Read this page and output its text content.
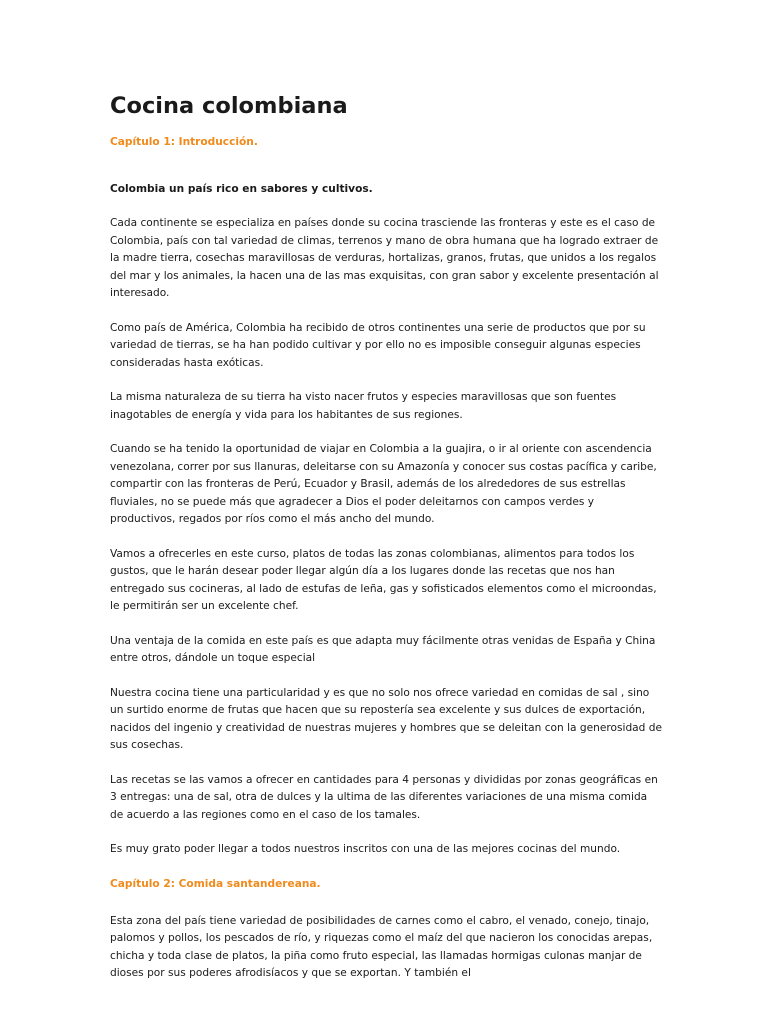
Cocina colombiana

Capítulo 1: Introducción.

Colombia un país rico en sabores y cultivos.

Cada continente se especializa en países donde su cocina trasciende las fronteras y este es el caso de Colombia, país con tal variedad de climas, terrenos y mano de obra humana que ha logrado extraer de la madre tierra, cosechas maravillosas de verduras, hortalizas, granos, frutas, que unidos a los regalos del mar y los animales, la hacen una de las mas exquisitas, con gran sabor y excelente presentación al interesado.

Como país de América, Colombia ha recibido de otros continentes una serie de productos que por su variedad de tierras, se ha han podido cultivar y por ello no es imposible conseguir algunas especies consideradas hasta exóticas.

La misma naturaleza de su tierra ha visto nacer frutos y especies maravillosas que son fuentes inagotables de energía y vida para los habitantes de sus regiones.

Cuando se ha tenido la oportunidad de viajar en Colombia a la guajira, o ir al oriente con ascendencia venezolana, correr por sus llanuras, deleitarse con su Amazonía y conocer sus costas pacífica y caribe, compartir con las fronteras de Perú, Ecuador y Brasil, además de los alrededores de sus estrellas fluviales, no se puede más que agradecer a Dios el poder deleitarnos con campos verdes y productivos, regados por ríos como el más ancho del mundo.

Vamos a ofrecerles en este curso, platos de todas las zonas colombianas, alimentos para todos los gustos, que le harán desear poder llegar algún día a los lugares donde las recetas que nos han entregado sus cocineras, al lado de estufas de leña, gas y sofisticados elementos como el microondas, le permitirán ser un excelente chef.

Una ventaja de la comida en este país es que adapta muy fácilmente otras venidas de España y China entre otros, dándole un toque especial

Nuestra cocina tiene una particularidad y es que no solo nos ofrece variedad en comidas de sal , sino un surtido enorme de frutas que hacen que su repostería sea excelente y sus dulces de exportación, nacidos del ingenio y creatividad de nuestras mujeres y hombres que se deleitan con la generosidad de sus cosechas.

Las recetas se las vamos a ofrecer en cantidades para 4 personas y divididas por zonas geográficas en 3 entregas: una de sal, otra de dulces y la ultima de las diferentes variaciones de una misma comida de acuerdo a las regiones como en el caso de los tamales.

Es muy grato poder llegar a todos nuestros inscritos con una de las mejores cocinas del mundo.

Capítulo 2: Comida santandereana.

Esta zona del país tiene variedad de posibilidades de carnes como el cabro, el venado, conejo, tinajo, palomos y pollos, los pescados de río, y riquezas como el maíz del que nacieron los conocidas arepas, chicha y toda clase de platos, la piña como fruto especial, las llamadas hormigas culonas manjar de dioses por sus poderes afrodisíacos y que se exportan. Y también el
